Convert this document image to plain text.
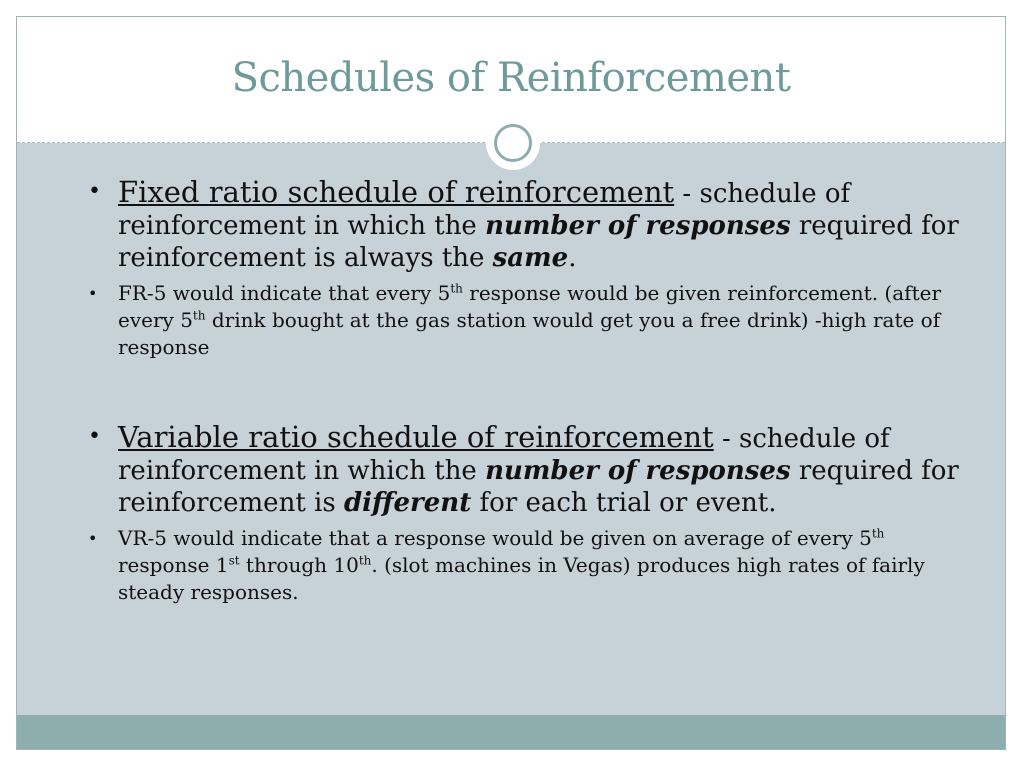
Schedules of Reinforcement
• Fixed ratio schedule of reinforcement - schedule of reinforcement in which the number of responses required for reinforcement is always the same.
• FR-5 would indicate that every 5th response would be given reinforcement. (after every 5th drink bought at the gas station would get you a free drink) -high rate of response
• Variable ratio schedule of reinforcement - schedule of reinforcement in which the number of responses required for reinforcement is different for each trial or event.
• VR-5 would indicate that a response would be given on average of every 5th response 1st through 10th. (slot machines in Vegas) produces high rates of fairly steady responses.
